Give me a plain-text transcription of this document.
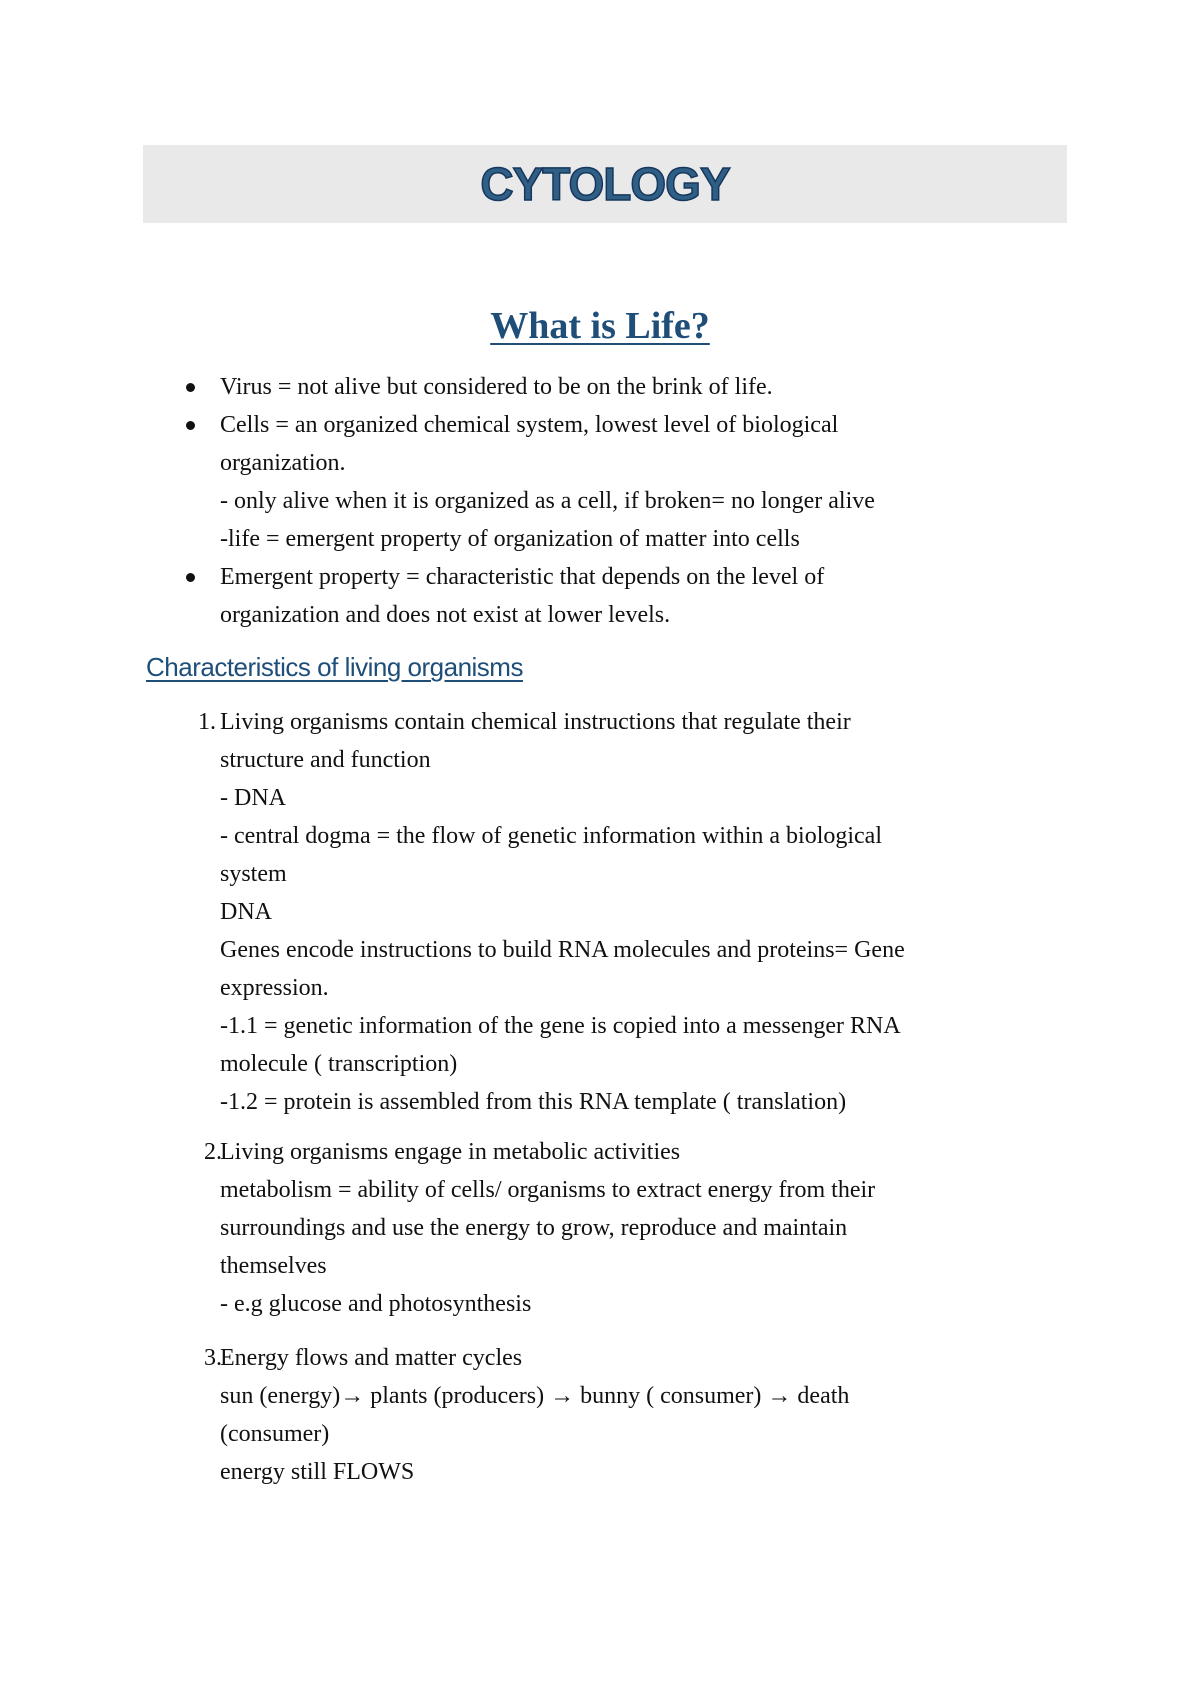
CYTOLOGY
What is Life?
Virus = not alive but considered to be on the brink of life.
Cells = an organized chemical system, lowest level of biological
organization.
- only alive when it is organized as a cell, if broken= no longer alive
-life = emergent property of organization of matter into cells
Emergent property = characteristic that depends on the level of
organization and does not exist at lower levels.
Characteristics of living organisms
1. Living organisms contain chemical instructions that regulate their
structure and function
- DNA
- central dogma = the flow of genetic information within a biological
system
DNA
Genes encode instructions to build RNA molecules and proteins= Gene
expression.
-1.1 = genetic information of the gene is copied into a messenger RNA
molecule ( transcription)
-1.2 = protein is assembled from this RNA template ( translation)
2.
Living organisms engage in metabolic activities
metabolism = ability of cells/ organisms to extract energy from their
surroundings and use the energy to grow, reproduce and maintain
themselves
- e.g glucose and photosynthesis
3.
Energy flows and matter cycles
sun (energy)→ plants (producers) → bunny ( consumer) → death
(consumer)
energy still FLOWS
